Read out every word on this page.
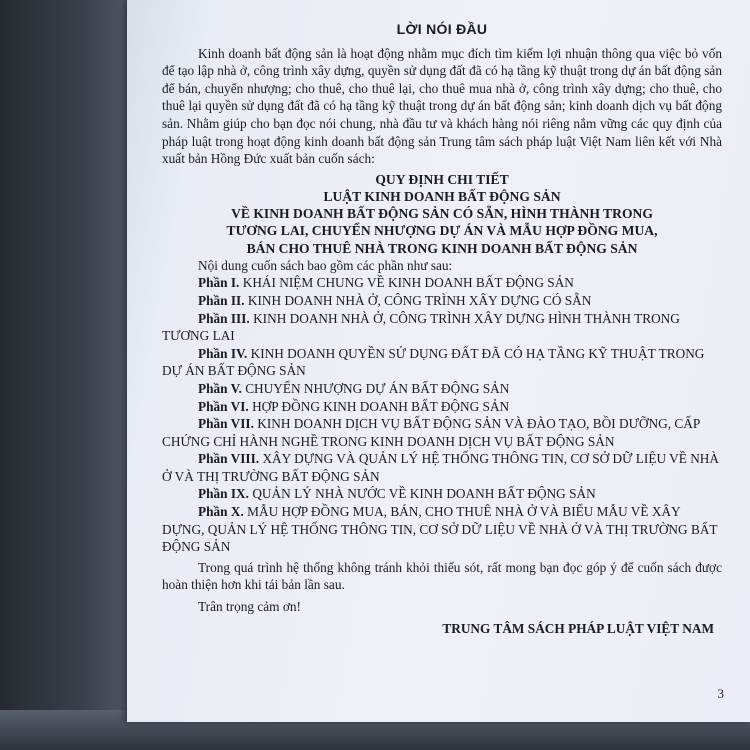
LỜI NÓI ĐẦU

Kinh doanh bất động sản là hoạt động nhằm mục đích tìm kiếm lợi nhuận thông qua việc bỏ vốn để tạo lập nhà ở, công trình xây dựng, quyền sử dụng đất đã có hạ tầng kỹ thuật trong dự án bất động sản để bán, chuyển nhượng; cho thuê, cho thuê lại, cho thuê mua nhà ở, công trình xây dựng; cho thuê, cho thuê lại quyền sử dụng đất đã có hạ tầng kỹ thuật trong dự án bất động sản; kinh doanh dịch vụ bất động sản. Nhằm giúp cho bạn đọc nói chung, nhà đầu tư và khách hàng nói riêng nắm vững các quy định của pháp luật trong hoạt động kinh doanh bất động sản Trung tâm sách pháp luật Việt Nam liên kết với Nhà xuất bản Hồng Đức xuất bản cuốn sách:

QUY ĐỊNH CHI TIẾT

LUẬT KINH DOANH BẤT ĐỘNG SẢN

VỀ KINH DOANH BẤT ĐỘNG SẢN CÓ SẴN, HÌNH THÀNH TRONG

TƯƠNG LAI, CHUYỂN NHƯỢNG DỰ ÁN VÀ MẪU HỢP ĐỒNG MUA,

BÁN CHO THUÊ NHÀ TRONG KINH DOANH BẤT ĐỘNG SẢN

Nội dung cuốn sách bao gồm các phần như sau:

Phần I. KHÁI NIỆM CHUNG VỀ KINH DOANH BẤT ĐỘNG SẢN

Phần II. KINH DOANH NHÀ Ở, CÔNG TRÌNH XÂY DỰNG CÓ SẴN

Phần III. KINH DOANH NHÀ Ở, CÔNG TRÌNH XÂY DỰNG HÌNH THÀNH TRONG TƯƠNG LAI

Phần IV. KINH DOANH QUYỀN SỬ DỤNG ĐẤT ĐÃ CÓ HẠ TẦNG KỸ THUẬT TRONG DỰ ÁN BẤT ĐỘNG SẢN

Phần V. CHUYỂN NHƯỢNG DỰ ÁN BẤT ĐỘNG SẢN

Phần VI. HỢP ĐỒNG KINH DOANH BẤT ĐỘNG SẢN

Phần VII. KINH DOANH DỊCH VỤ BẤT ĐỘNG SẢN VÀ ĐÀO TẠO, BỒI DƯỠNG, CẤP CHỨNG CHỈ HÀNH NGHỀ TRONG KINH DOANH DỊCH VỤ BẤT ĐỘNG SẢN

Phần VIII. XÂY DỰNG VÀ QUẢN LÝ HỆ THỐNG THÔNG TIN, CƠ SỞ DỮ LIỆU VỀ NHÀ Ở VÀ THỊ TRƯỜNG BẤT ĐỘNG SẢN

Phần IX. QUẢN LÝ NHÀ NƯỚC VỀ KINH DOANH BẤT ĐỘNG SẢN

Phần X. MẪU HỢP ĐỒNG MUA, BÁN, CHO THUÊ NHÀ Ở VÀ BIỂU MẪU VỀ XÂY DỰNG, QUẢN LÝ HỆ THỐNG THÔNG TIN, CƠ SỞ DỮ LIỆU VỀ NHÀ Ở VÀ THỊ TRƯỜNG BẤT ĐỘNG SẢN

Trong quá trình hệ thống không tránh khỏi thiếu sót, rất mong bạn đọc góp ý để cuốn sách được hoàn thiện hơn khi tái bản lần sau.

Trân trọng cảm ơn!

TRUNG TÂM SÁCH PHÁP LUẬT VIỆT NAM

3
